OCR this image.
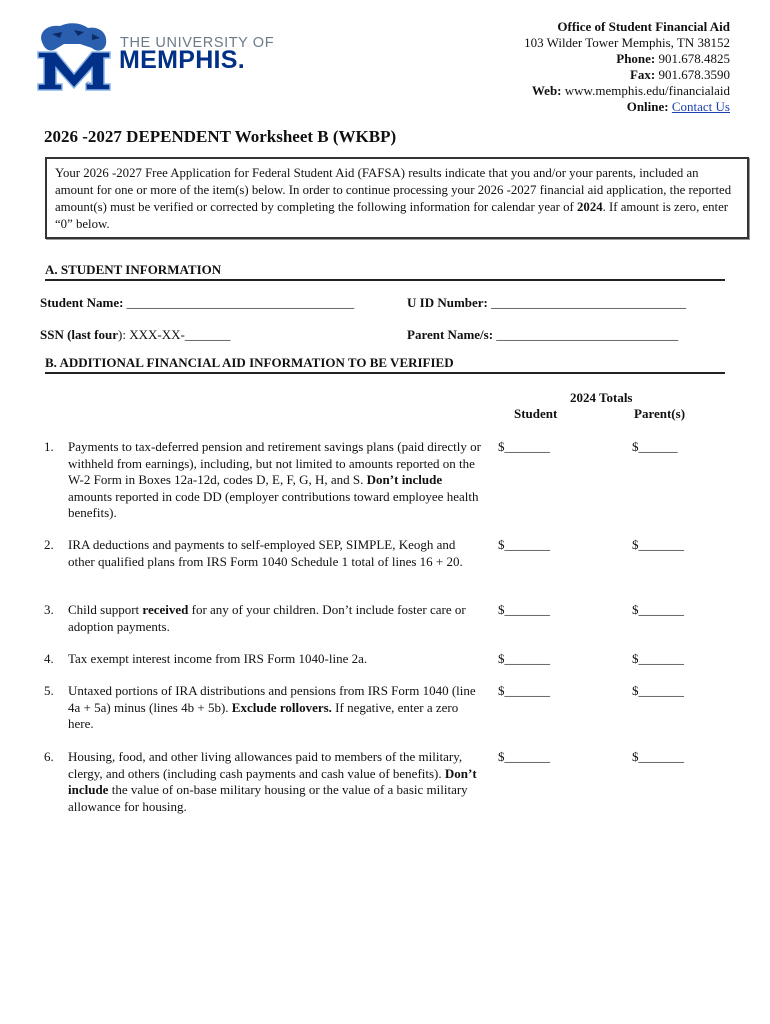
®
THE UNIVERSITY OF
MEMPHIS.
Office of Student Financial Aid
103 Wilder Tower Memphis, TN 38152
Phone: 901.678.4825
Fax: 901.678.3590
Web: www.memphis.edu/financialaid
Online: Contact Us
2026 -2027 DEPENDENT Worksheet B (WKBP)
Your 2026 -2027 Free Application for Federal Student Aid (FAFSA) results indicate that you and/or your parents, included an amount for one or more of the item(s) below. In order to continue processing your 2026 -2027 financial aid application, the reported amount(s) must be verified or corrected by completing the following information for calendar year of 2024. If amount is zero, enter “0” below.
A. STUDENT INFORMATION
Student Name: ___________________________________	U ID Number: ______________________________
SSN (last four): XXX-XX-_______	Parent Name/s: ____________________________
B. ADDITIONAL FINANCIAL AID INFORMATION TO BE VERIFIED
2024 Totals
Student	Parent(s)
1. Payments to tax-deferred pension and retirement savings plans (paid directly or withheld from earnings), including, but not limited to amounts reported on the W-2 Form in Boxes 12a-12d, codes D, E, F, G, H, and S. Don’t include amounts reported in code DD (employer contributions toward employee health benefits).
$_______	$______
2. IRA deductions and payments to self-employed SEP, SIMPLE, Keogh and other qualified plans from IRS Form 1040 Schedule 1 total of lines 16 + 20.
$_______	$_______
3. Child support received for any of your children. Don’t include foster care or adoption payments.
$_______	$_______
4. Tax exempt interest income from IRS Form 1040-line 2a.	$_______	$_______
5. Untaxed portions of IRA distributions and pensions from IRS Form 1040 (line 4a + 5a) minus (lines 4b + 5b). Exclude rollovers. If negative, enter a zero here.
$_______	$_______
6. Housing, food, and other living allowances paid to members of the military, clergy, and others (including cash payments and cash value of benefits). Don’t include the value of on-base military housing or the value of a basic military allowance for housing.
$_______	$_______
